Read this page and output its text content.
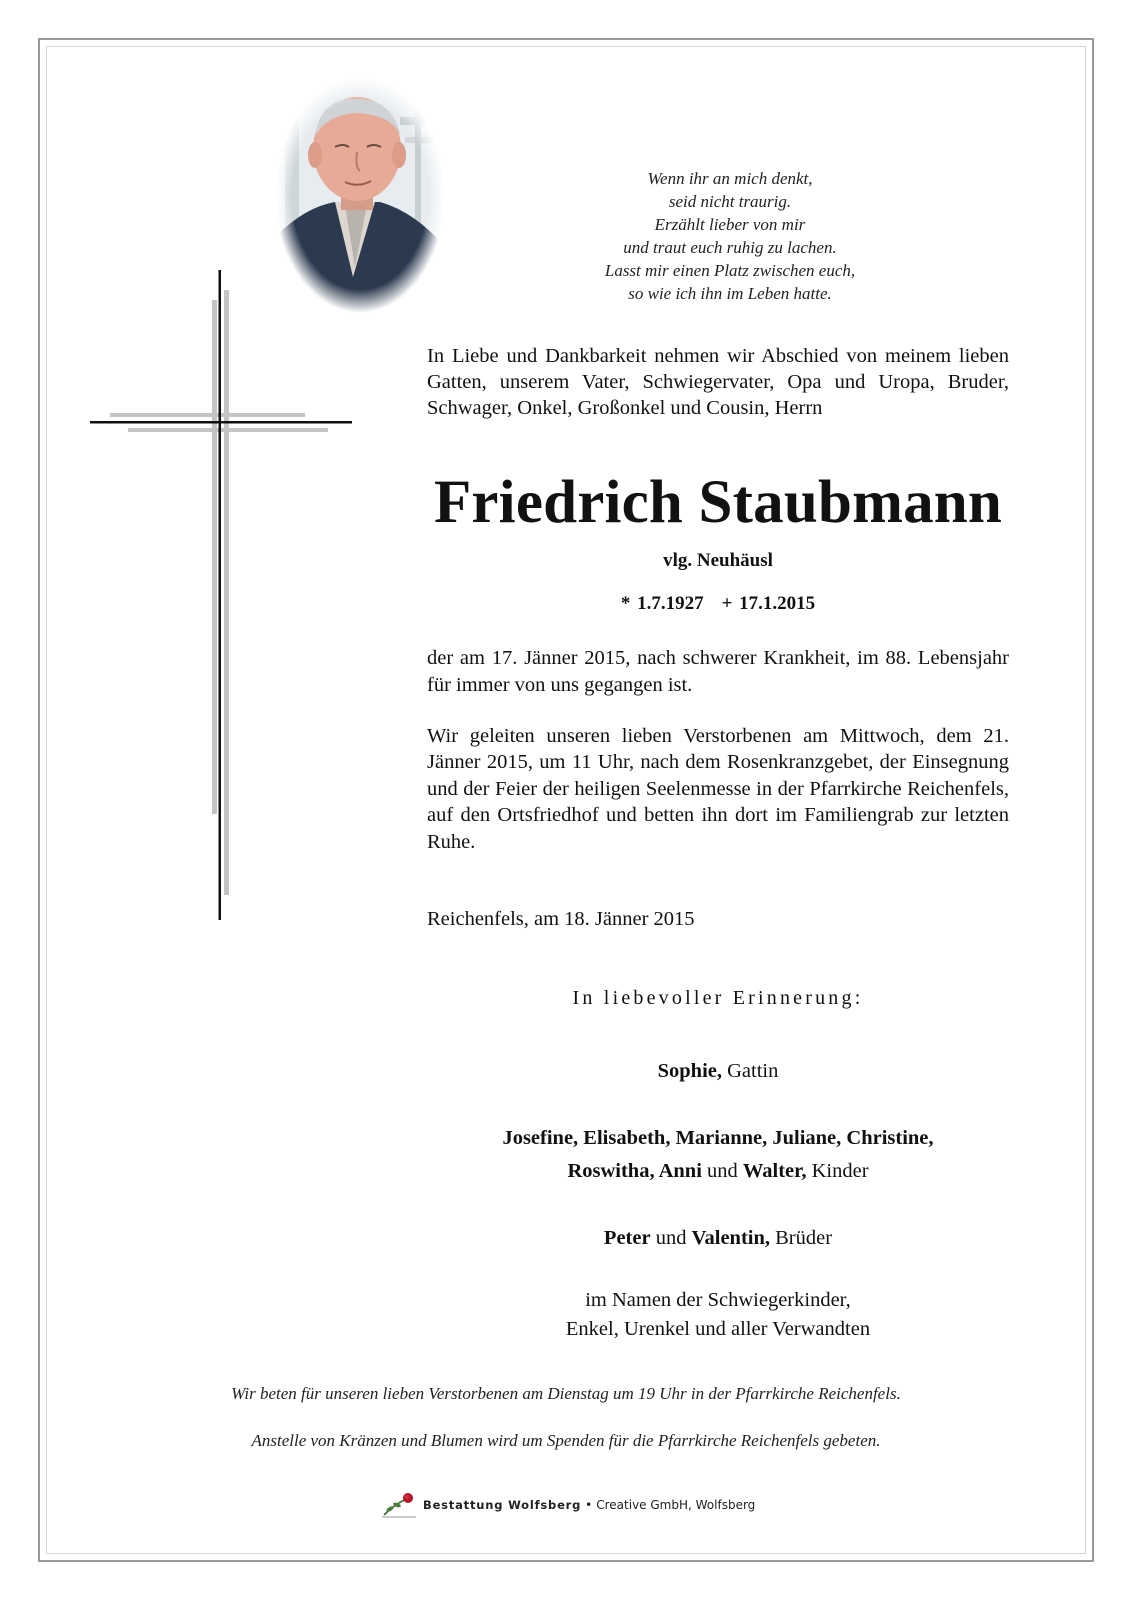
Wenn ihr an mich denkt,
seid nicht traurig.
Erzählt lieber von mir
und traut euch ruhig zu lachen.
Lasst mir einen Platz zwischen euch,
so wie ich ihn im Leben hatte.
In Liebe und Dankbarkeit nehmen wir Abschied von meinem lieben Gatten, unserem Vater, Schwiegervater, Opa und Uropa, Bruder, Schwager, Onkel, Großonkel und Cousin, Herrn
Friedrich Staubmann
vlg. Neuhäusl
* 1.7.1927 + 17.1.2015
der am 17. Jänner 2015, nach schwerer Krankheit, im 88. Lebensjahr für immer von uns gegangen ist.
Wir geleiten unseren lieben Verstorbenen am Mittwoch, dem 21. Jänner 2015, um 11 Uhr, nach dem Rosenkranzgebet, der Einsegnung und der Feier der heiligen Seelenmesse in der Pfarrkirche Reichenfels, auf den Ortsfriedhof und betten ihn dort im Familiengrab zur letzten Ruhe.
Reichenfels, am 18. Jänner 2015
In liebevoller Erinnerung:
Sophie, Gattin
Josefine, Elisabeth, Marianne, Juliane, Christine,
Roswitha, Anni und Walter, Kinder
Peter und Valentin, Brüder
im Namen der Schwiegerkinder,
Enkel, Urenkel und aller Verwandten
Wir beten für unseren lieben Verstorbenen am Dienstag um 19 Uhr in der Pfarrkirche Reichenfels.
Anstelle von Kränzen und Blumen wird um Spenden für die Pfarrkirche Reichenfels gebeten.
Bestattung Wolfsberg • Creative GmbH, Wolfsberg
